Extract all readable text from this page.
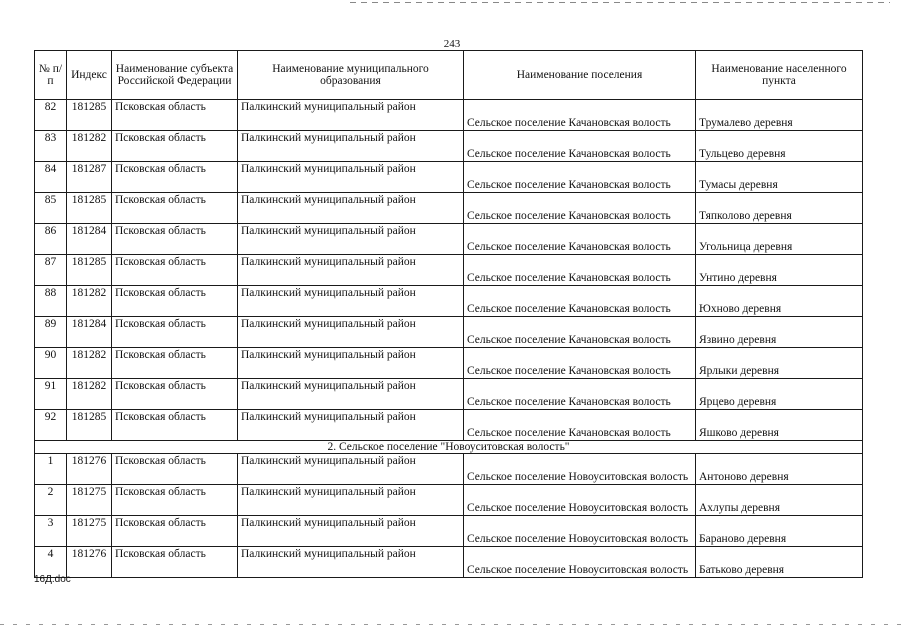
243
№ п/п	Индекс	Наименование субъекта Российской Федерации	Наименование муниципального образования	Наименование поселения	Наименование населенного пункта
82	181285	Псковская область	Палкинский муниципальный район	Сельское поселение Качановская волость	Трумалево деревня
83	181282	Псковская область	Палкинский муниципальный район	Сельское поселение Качановская волость	Тульцево деревня
84	181287	Псковская область	Палкинский муниципальный район	Сельское поселение Качановская волость	Тумасы деревня
85	181285	Псковская область	Палкинский муниципальный район	Сельское поселение Качановская волость	Тяпколово деревня
86	181284	Псковская область	Палкинский муниципальный район	Сельское поселение Качановская волость	Угольница деревня
87	181285	Псковская область	Палкинский муниципальный район	Сельское поселение Качановская волость	Унтино деревня
88	181282	Псковская область	Палкинский муниципальный район	Сельское поселение Качановская волость	Юхново деревня
89	181284	Псковская область	Палкинский муниципальный район	Сельское поселение Качановская волость	Язвино деревня
90	181282	Псковская область	Палкинский муниципальный район	Сельское поселение Качановская волость	Ярлыки деревня
91	181282	Псковская область	Палкинский муниципальный район	Сельское поселение Качановская волость	Ярцево деревня
92	181285	Псковская область	Палкинский муниципальный район	Сельское поселение Качановская волость	Яшково деревня
2. Сельское поселение "Новоуситовская волость"					
1	181276	Псковская область	Палкинский муниципальный район	Сельское поселение Новоуситовская волость	Антоново деревня
2	181275	Псковская область	Палкинский муниципальный район	Сельское поселение Новоуситовская волость	Ахлупы деревня
3	181275	Псковская область	Палкинский муниципальный район	Сельское поселение Новоуситовская волость	Бараново деревня
4	181276	Псковская область	Палкинский муниципальный район	Сельское поселение Новоуситовская волость	Батьково деревня
16Д.doc
